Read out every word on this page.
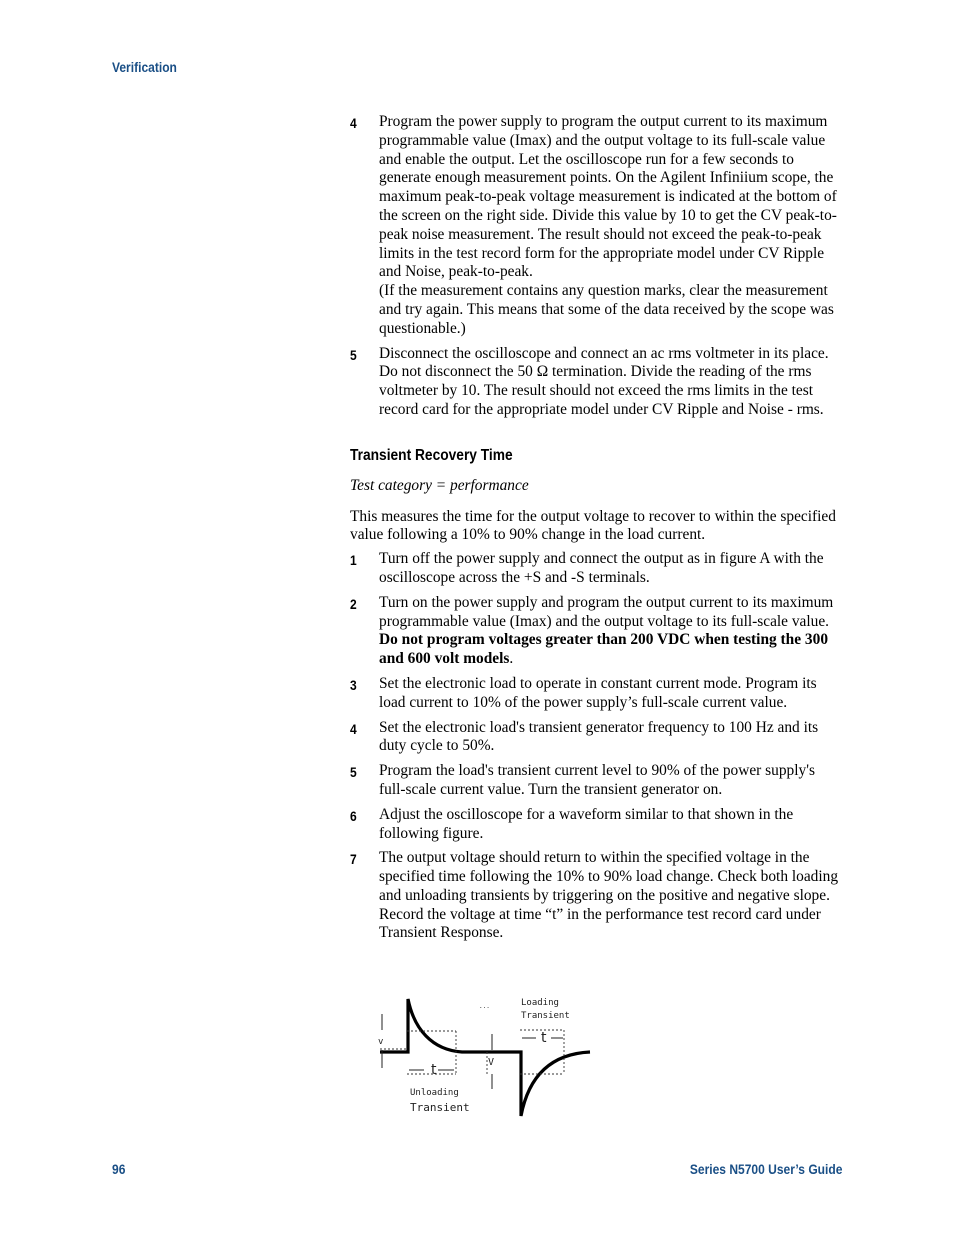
Verification
4 Program the power supply to program the output current to its maximum programmable value (Imax) and the output voltage to its full-scale value and enable the output. Let the oscilloscope run for a few seconds to generate enough measurement points. On the Agilent Infiniium scope, the maximum peak-to-peak voltage measurement is indicated at the bottom of the screen on the right side. Divide this value by 10 to get the CV peak-to-peak noise measurement. The result should not exceed the peak-to-peak limits in the test record form for the appropriate model under CV Ripple and Noise, peak-to-peak.

(If the measurement contains any question marks, clear the measurement and try again. This means that some of the data received by the scope was questionable.)

5 Disconnect the oscilloscope and connect an ac rms voltmeter in its place. Do not disconnect the 50 Ω termination. Divide the reading of the rms voltmeter by 10. The result should not exceed the rms limits in the test record card for the appropriate model under CV Ripple and Noise - rms.

Transient Recovery Time

Test category = performance

This measures the time for the output voltage to recover to within the specified value following a 10% to 90% change in the load current.

1 Turn off the power supply and connect the output as in figure A with the oscilloscope across the +S and -S terminals.

2 Turn on the power supply and program the output current to its maximum programmable value (Imax) and the output voltage to its full-scale value. Do not program voltages greater than 200 VDC when testing the 300 and 600 volt models.

3 Set the electronic load to operate in constant current mode. Program its load current to 10% of the power supply’s full-scale current value.

4 Set the electronic load's transient generator frequency to 100 Hz and its duty cycle to 50%.

5 Program the load's transient current level to 90% of the power supply's full-scale current value. Turn the transient generator on.

6 Adjust the oscilloscope for a waveform similar to that shown in the following figure.

7 The output voltage should return to within the specified voltage in the specified time following the 10% to 90% load change. Check both loading and unloading transients by triggering on the positive and negative slope. Record the voltage at time “t” in the performance test record card under Transient Response.

Loading
Transient
Unloading
Transient
v
V
...
t
t
96	Series N5700 User’s Guide
